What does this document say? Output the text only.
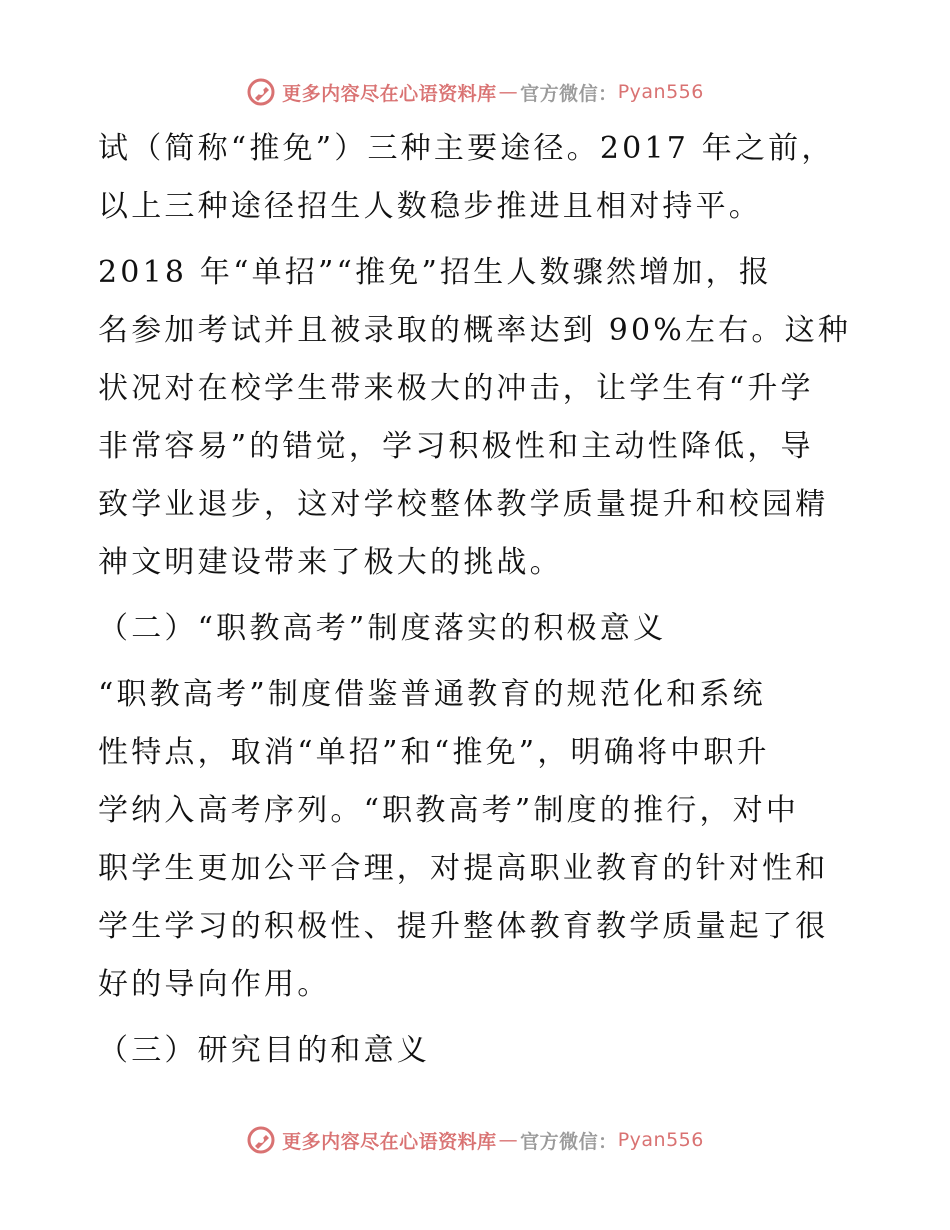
更多内容尽在心语资料库 — 官方微信： Pyan556

试（简称“推免”）三种主要途径。2017 年之前，
以上三种途径招生人数稳步推进且相对持平。

2018 年“单招”“推免”招生人数骤然增加，报
名参加考试并且被录取的概率达到 90%左右。这种
状况对在校学生带来极大的冲击，让学生有“升学
非常容易”的错觉，学习积极性和主动性降低，导
致学业退步，这对学校整体教学质量提升和校园精
神文明建设带来了极大的挑战。

（二）“职教高考”制度落实的积极意义

“职教高考”制度借鉴普通教育的规范化和系统
性特点，取消“单招”和“推免”，明确将中职升
学纳入高考序列。“职教高考”制度的推行，对中
职学生更加公平合理，对提高职业教育的针对性和
学生学习的积极性、提升整体教育教学质量起了很
好的导向作用。

（三）研究目的和意义

更多内容尽在心语资料库 — 官方微信： Pyan556
